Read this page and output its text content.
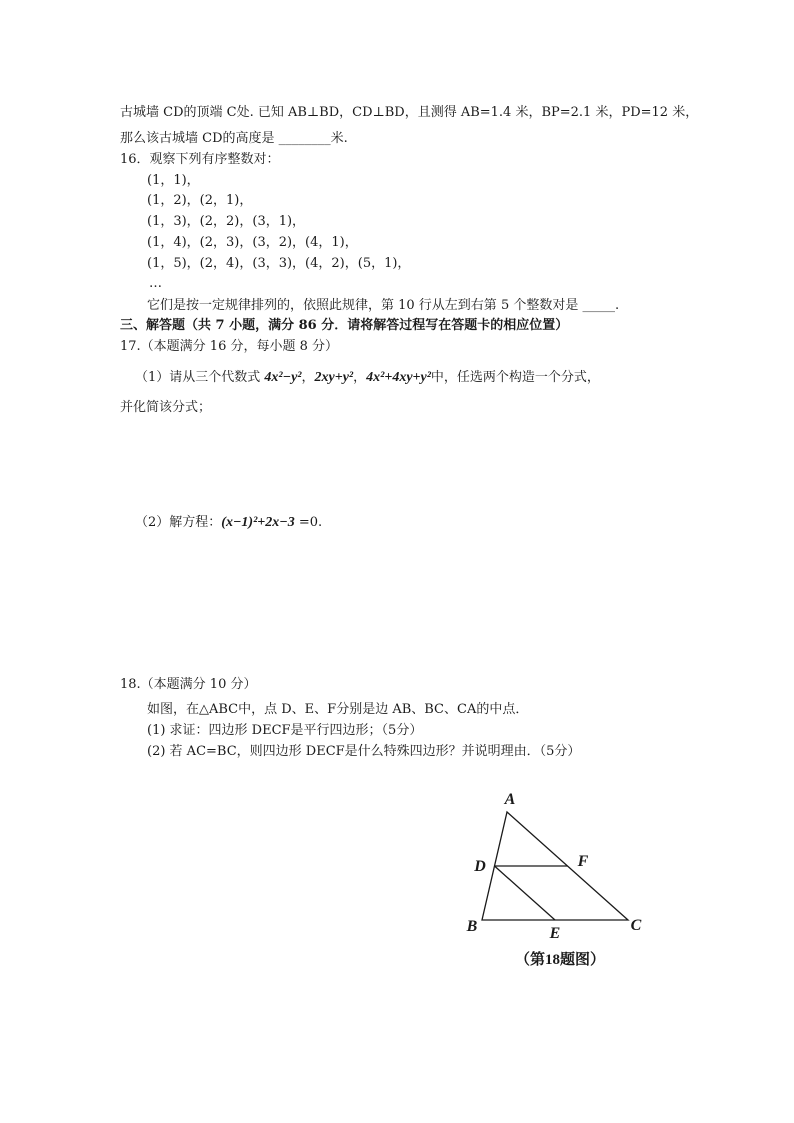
古城墙 CD的顶端 C处. 已知 AB⊥BD，CD⊥BD，且测得 AB=1.4 米，BP=2.1 米，PD=12 米，
那么该古城墙 CD的高度是 ________米.
16．观察下列有序整数对：
(1，1)，
(1，2)，(2，1)，
(1，3)，(2，2)，(3，1)，
(1，4)，(2，3)，(3，2)，(4，1)，
(1，5)，(2，4)，(3，3)，(4，2)，(5，1)，
…
它们是按一定规律排列的，依照此规律，第 10 行从左到右第 5 个整数对是 _____.
三、解答题（共 7 小题，满分 86 分．请将解答过程写在答题卡的相应位置）
17.（本题满分 16 分，每小题 8 分）
（1）请从三个代数式 4x²−y²，2xy+y²，4x²+4xy+y²中，任选两个构造一个分式，
并化简该分式；
（2）解方程：(x−1)²+2x−3 =0.
18.（本题满分 10 分）
如图，在△ABC中，点 D、E、F分别是边 AB、BC、CA的中点．
(1) 求证：四边形 DECF是平行四边形；（5分）
(2) 若 AC=BC，则四边形 DECF是什么特殊四边形？并说明理由．（5分）
A
D	F
B	E	C
（第18题图）
